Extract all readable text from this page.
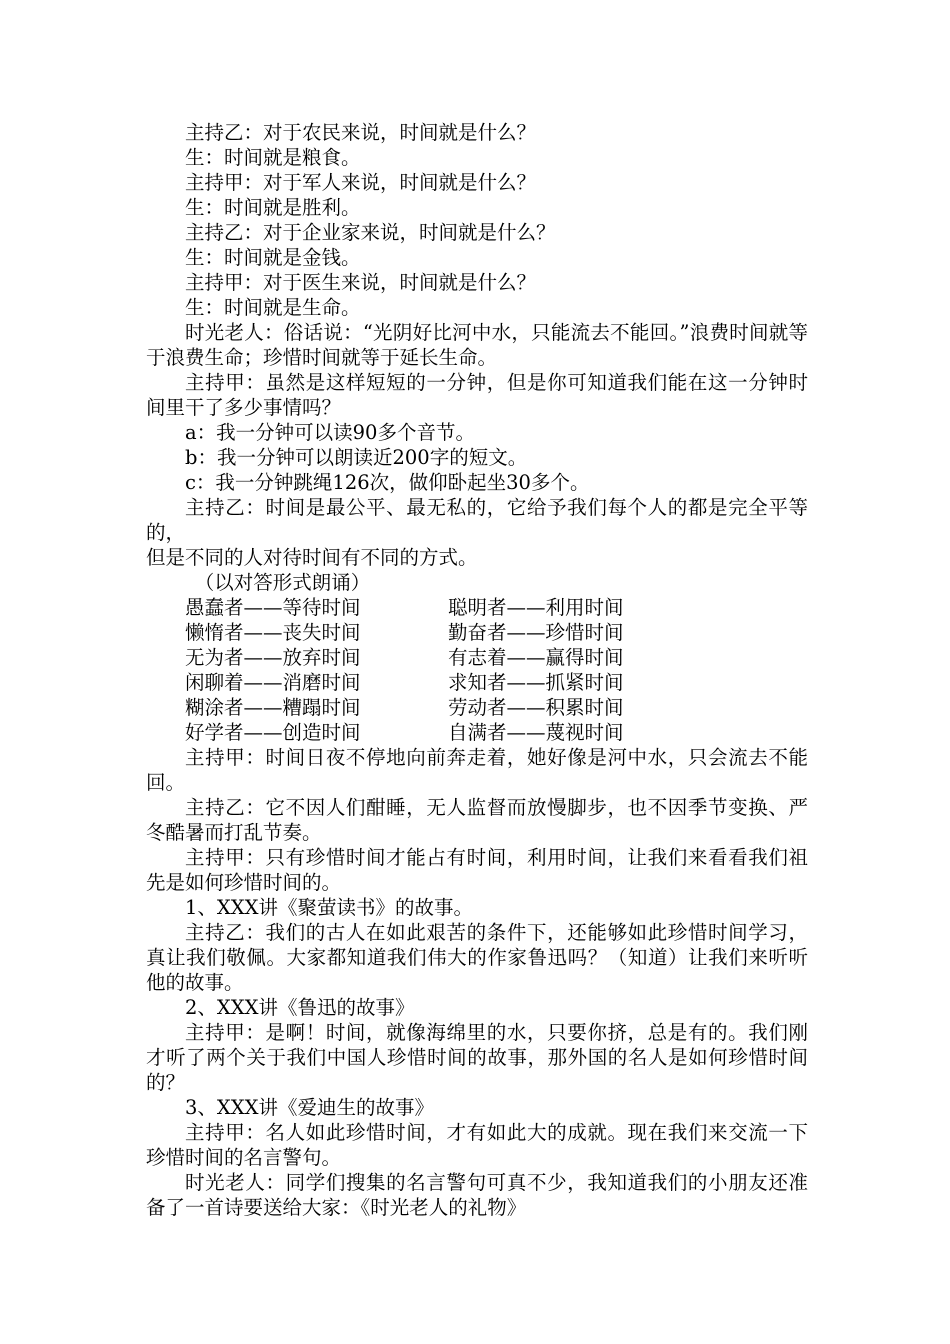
主持乙：对于农民来说，时间就是什么？

生：时间就是粮食。

主持甲：对于军人来说，时间就是什么？

生：时间就是胜利。

主持乙：对于企业家来说，时间就是什么？

生：时间就是金钱。

主持甲：对于医生来说，时间就是什么？

生：时间就是生命。

时光老人：俗话说：“光阴好比河中水，只能流去不能回。”浪费时间就等于浪费生命；珍惜时间就等于延长生命。

主持甲：虽然是这样短短的一分钟，但是你可知道我们能在这一分钟时间里干了多少事情吗？

a：我一分钟可以读90多个音节。

b：我一分钟可以朗读近200字的短文。

c：我一分钟跳绳126次，做仰卧起坐30多个。

主持乙：时间是最公平、最无私的，它给予我们每个人的都是完全平等的，

但是不同的人对待时间有不同的方式。

（以对答形式朗诵）

愚蠢者——等待时间	聪明者——利用时间
懒惰者——丧失时间	勤奋者——珍惜时间
无为者——放弃时间	有志着——赢得时间
闲聊着——消磨时间	求知者——抓紧时间
糊涂者——糟蹋时间	劳动者——积累时间
好学者——创造时间	自满者——蔑视时间

主持甲：时间日夜不停地向前奔走着，她好像是河中水，只会流去不能回。

主持乙：它不因人们酣睡，无人监督而放慢脚步，也不因季节变换、严冬酷暑而打乱节奏。

主持甲：只有珍惜时间才能占有时间，利用时间，让我们来看看我们祖先是如何珍惜时间的。

1、XXX讲《聚萤读书》的故事。

主持乙：我们的古人在如此艰苦的条件下，还能够如此珍惜时间学习，真让我们敬佩。大家都知道我们伟大的作家鲁迅吗？（知道）让我们来听听他的故事。

2、XXX讲《鲁迅的故事》

主持甲：是啊！时间，就像海绵里的水，只要你挤，总是有的。我们刚才听了两个关于我们中国人珍惜时间的故事，那外国的名人是如何珍惜时间的？

3、XXX讲《爱迪生的故事》

主持甲：名人如此珍惜时间，才有如此大的成就。现在我们来交流一下珍惜时间的名言警句。

时光老人：同学们搜集的名言警句可真不少，我知道我们的小朋友还准备了一首诗要送给大家：《时光老人的礼物》
